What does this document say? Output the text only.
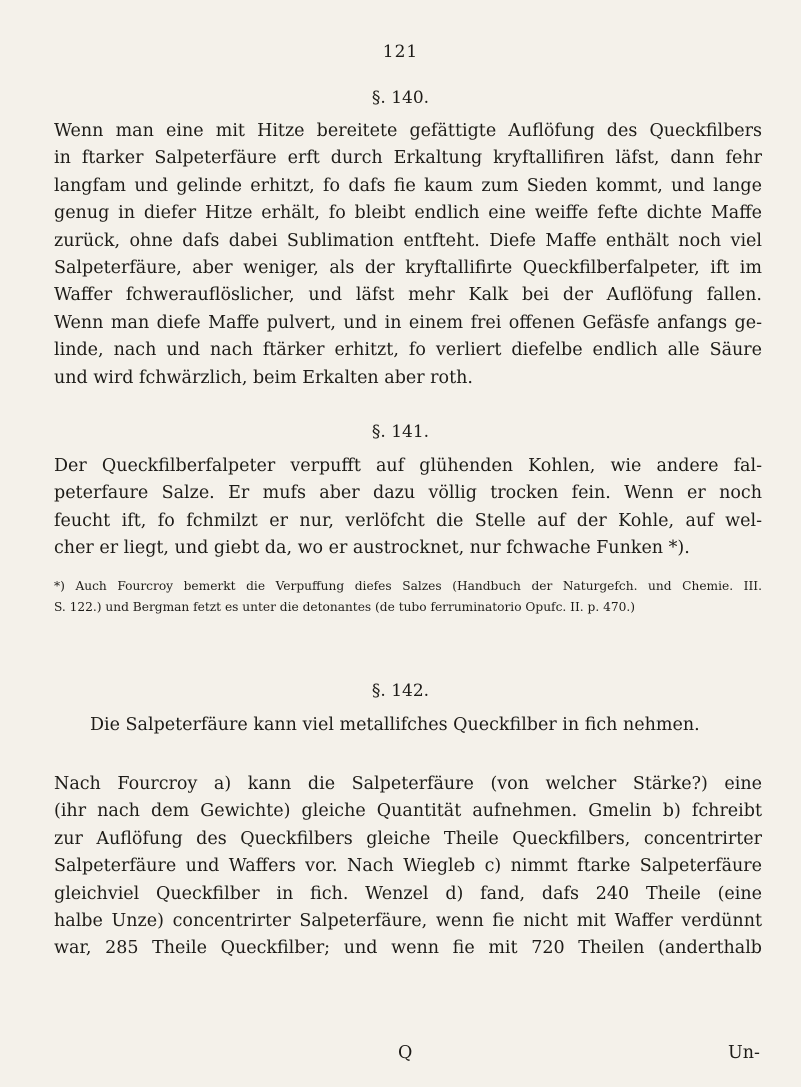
121
§. 140.
Wenn man eine mit Hitze bereitete gefättigte Auflöfung des Queckfilbers
in ftarker Salpeterfäure erft durch Erkaltung kryftallifiren läfst, dann fehr
langfam und gelinde erhitzt, fo dafs fie kaum zum Sieden kommt, und lange
genug in diefer Hitze erhält, fo bleibt endlich eine weiffe fefte dichte Maffe
zurück, ohne dafs dabei Sublimation entfteht. Diefe Maffe enthält noch viel
Salpeterfäure, aber weniger, als der kryftallifirte Queckfilberfalpeter, ift im
Waffer fchwerauflöslicher, und läfst mehr Kalk bei der Auflöfung fallen.
Wenn man diefe Maffe pulvert, und in einem frei offenen Gefäsfe anfangs ge-
linde, nach und nach ftärker erhitzt, fo verliert diefelbe endlich alle Säure
und wird fchwärzlich, beim Erkalten aber roth.
§. 141.
Der Queckfilberfalpeter verpufft auf glühenden Kohlen, wie andere fal-
peterfaure Salze. Er mufs aber dazu völlig trocken fein. Wenn er noch
feucht ift, fo fchmilzt er nur, verlöfcht die Stelle auf der Kohle, auf wel-
cher er liegt, und giebt da, wo er austrocknet, nur fchwache Funken *).
*) Auch Fourcroy bemerkt die Verpuffung diefes Salzes (Handbuch der Naturgefch. und Chemie. III.
S. 122.) und Bergman fetzt es unter die detonantes (de tubo ferruminatorio Opufc. II. p. 470.)
§. 142.
Die Salpeterfäure kann viel metallifches Queckfilber in fich nehmen.
Nach Fourcroy a) kann die Salpeterfäure (von welcher Stärke?) eine
(ihr nach dem Gewichte) gleiche Quantität aufnehmen. Gmelin b) fchreibt
zur Auflöfung des Queckfilbers gleiche Theile Queckfilbers, concentrirter
Salpeterfäure und Waffers vor. Nach Wiegleb c) nimmt ftarke Salpeterfäure
gleichviel Queckfilber in fich. Wenzel d) fand, dafs 240 Theile (eine
halbe Unze) concentrirter Salpeterfäure, wenn fie nicht mit Waffer verdünnt
war, 285 Theile Queckfilber; und wenn fie mit 720 Theilen (anderthalb
Q	Un-
